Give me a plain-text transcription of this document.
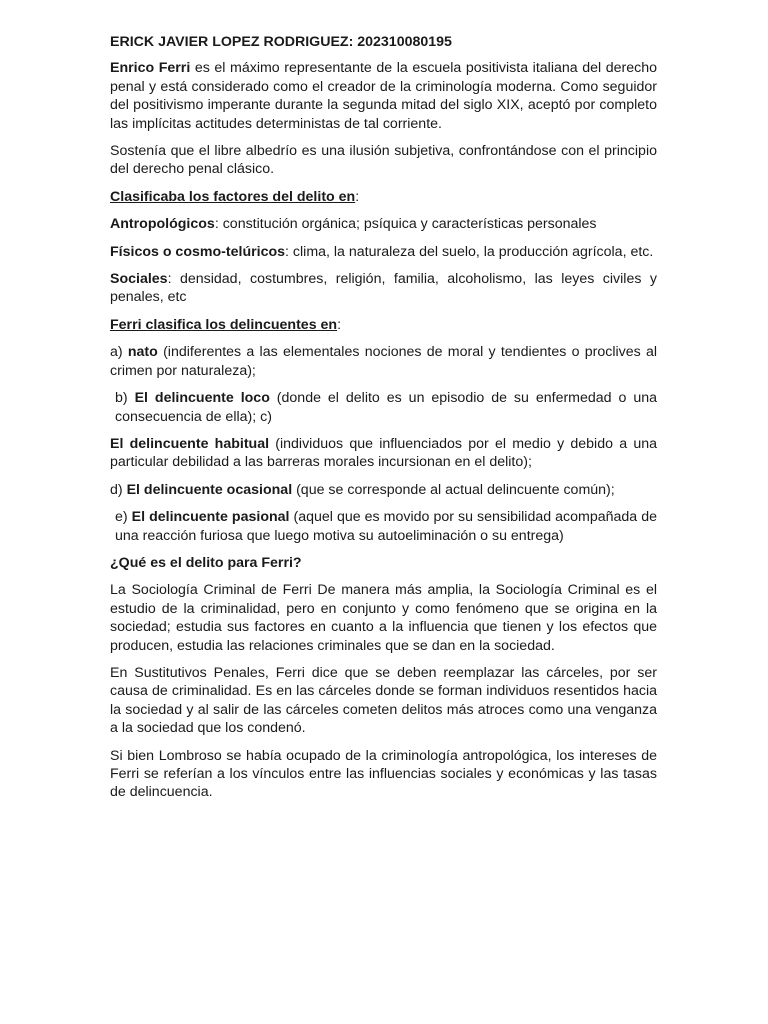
ERICK JAVIER LOPEZ RODRIGUEZ: 202310080195

Enrico Ferri es el máximo representante de la escuela positivista italiana del derecho penal y está considerado como el creador de la criminología moderna. Como seguidor del positivismo imperante durante la segunda mitad del siglo XIX, aceptó por completo las implícitas actitudes deterministas de tal corriente.

Sostenía que el libre albedrío es una ilusión subjetiva, confrontándose con el principio del derecho penal clásico.

Clasificaba los factores del delito en:

Antropológicos: constitución orgánica; psíquica y características personales

Físicos o cosmo-telúricos: clima, la naturaleza del suelo, la producción agrícola, etc.

Sociales: densidad, costumbres, religión, familia, alcoholismo, las leyes civiles y penales, etc

Ferri clasifica los delincuentes en:

a) nato (indiferentes a las elementales nociones de moral y tendientes o proclives al crimen por naturaleza);

b) El delincuente loco (donde el delito es un episodio de su enfermedad o una consecuencia de ella); c)

El delincuente habitual (individuos que influenciados por el medio y debido a una particular debilidad a las barreras morales incursionan en el delito);

d) El delincuente ocasional (que se corresponde al actual delincuente común);

e) El delincuente pasional (aquel que es movido por su sensibilidad acompañada de una reacción furiosa que luego motiva su autoeliminación o su entrega)

¿Qué es el delito para Ferri?

La Sociología Criminal de Ferri De manera más amplia, la Sociología Criminal es el estudio de la criminalidad, pero en conjunto y como fenómeno que se origina en la sociedad; estudia sus factores en cuanto a la influencia que tienen y los efectos que producen, estudia las relaciones criminales que se dan en la sociedad.

En Sustitutivos Penales, Ferri dice que se deben reemplazar las cárceles, por ser causa de criminalidad. Es en las cárceles donde se forman individuos resentidos hacia la sociedad y al salir de las cárceles cometen delitos más atroces como una venganza a la sociedad que los condenó.

Si bien Lombroso se había ocupado de la criminología antropológica, los intereses de Ferri se referían a los vínculos entre las influencias sociales y económicas y las tasas de delincuencia.
